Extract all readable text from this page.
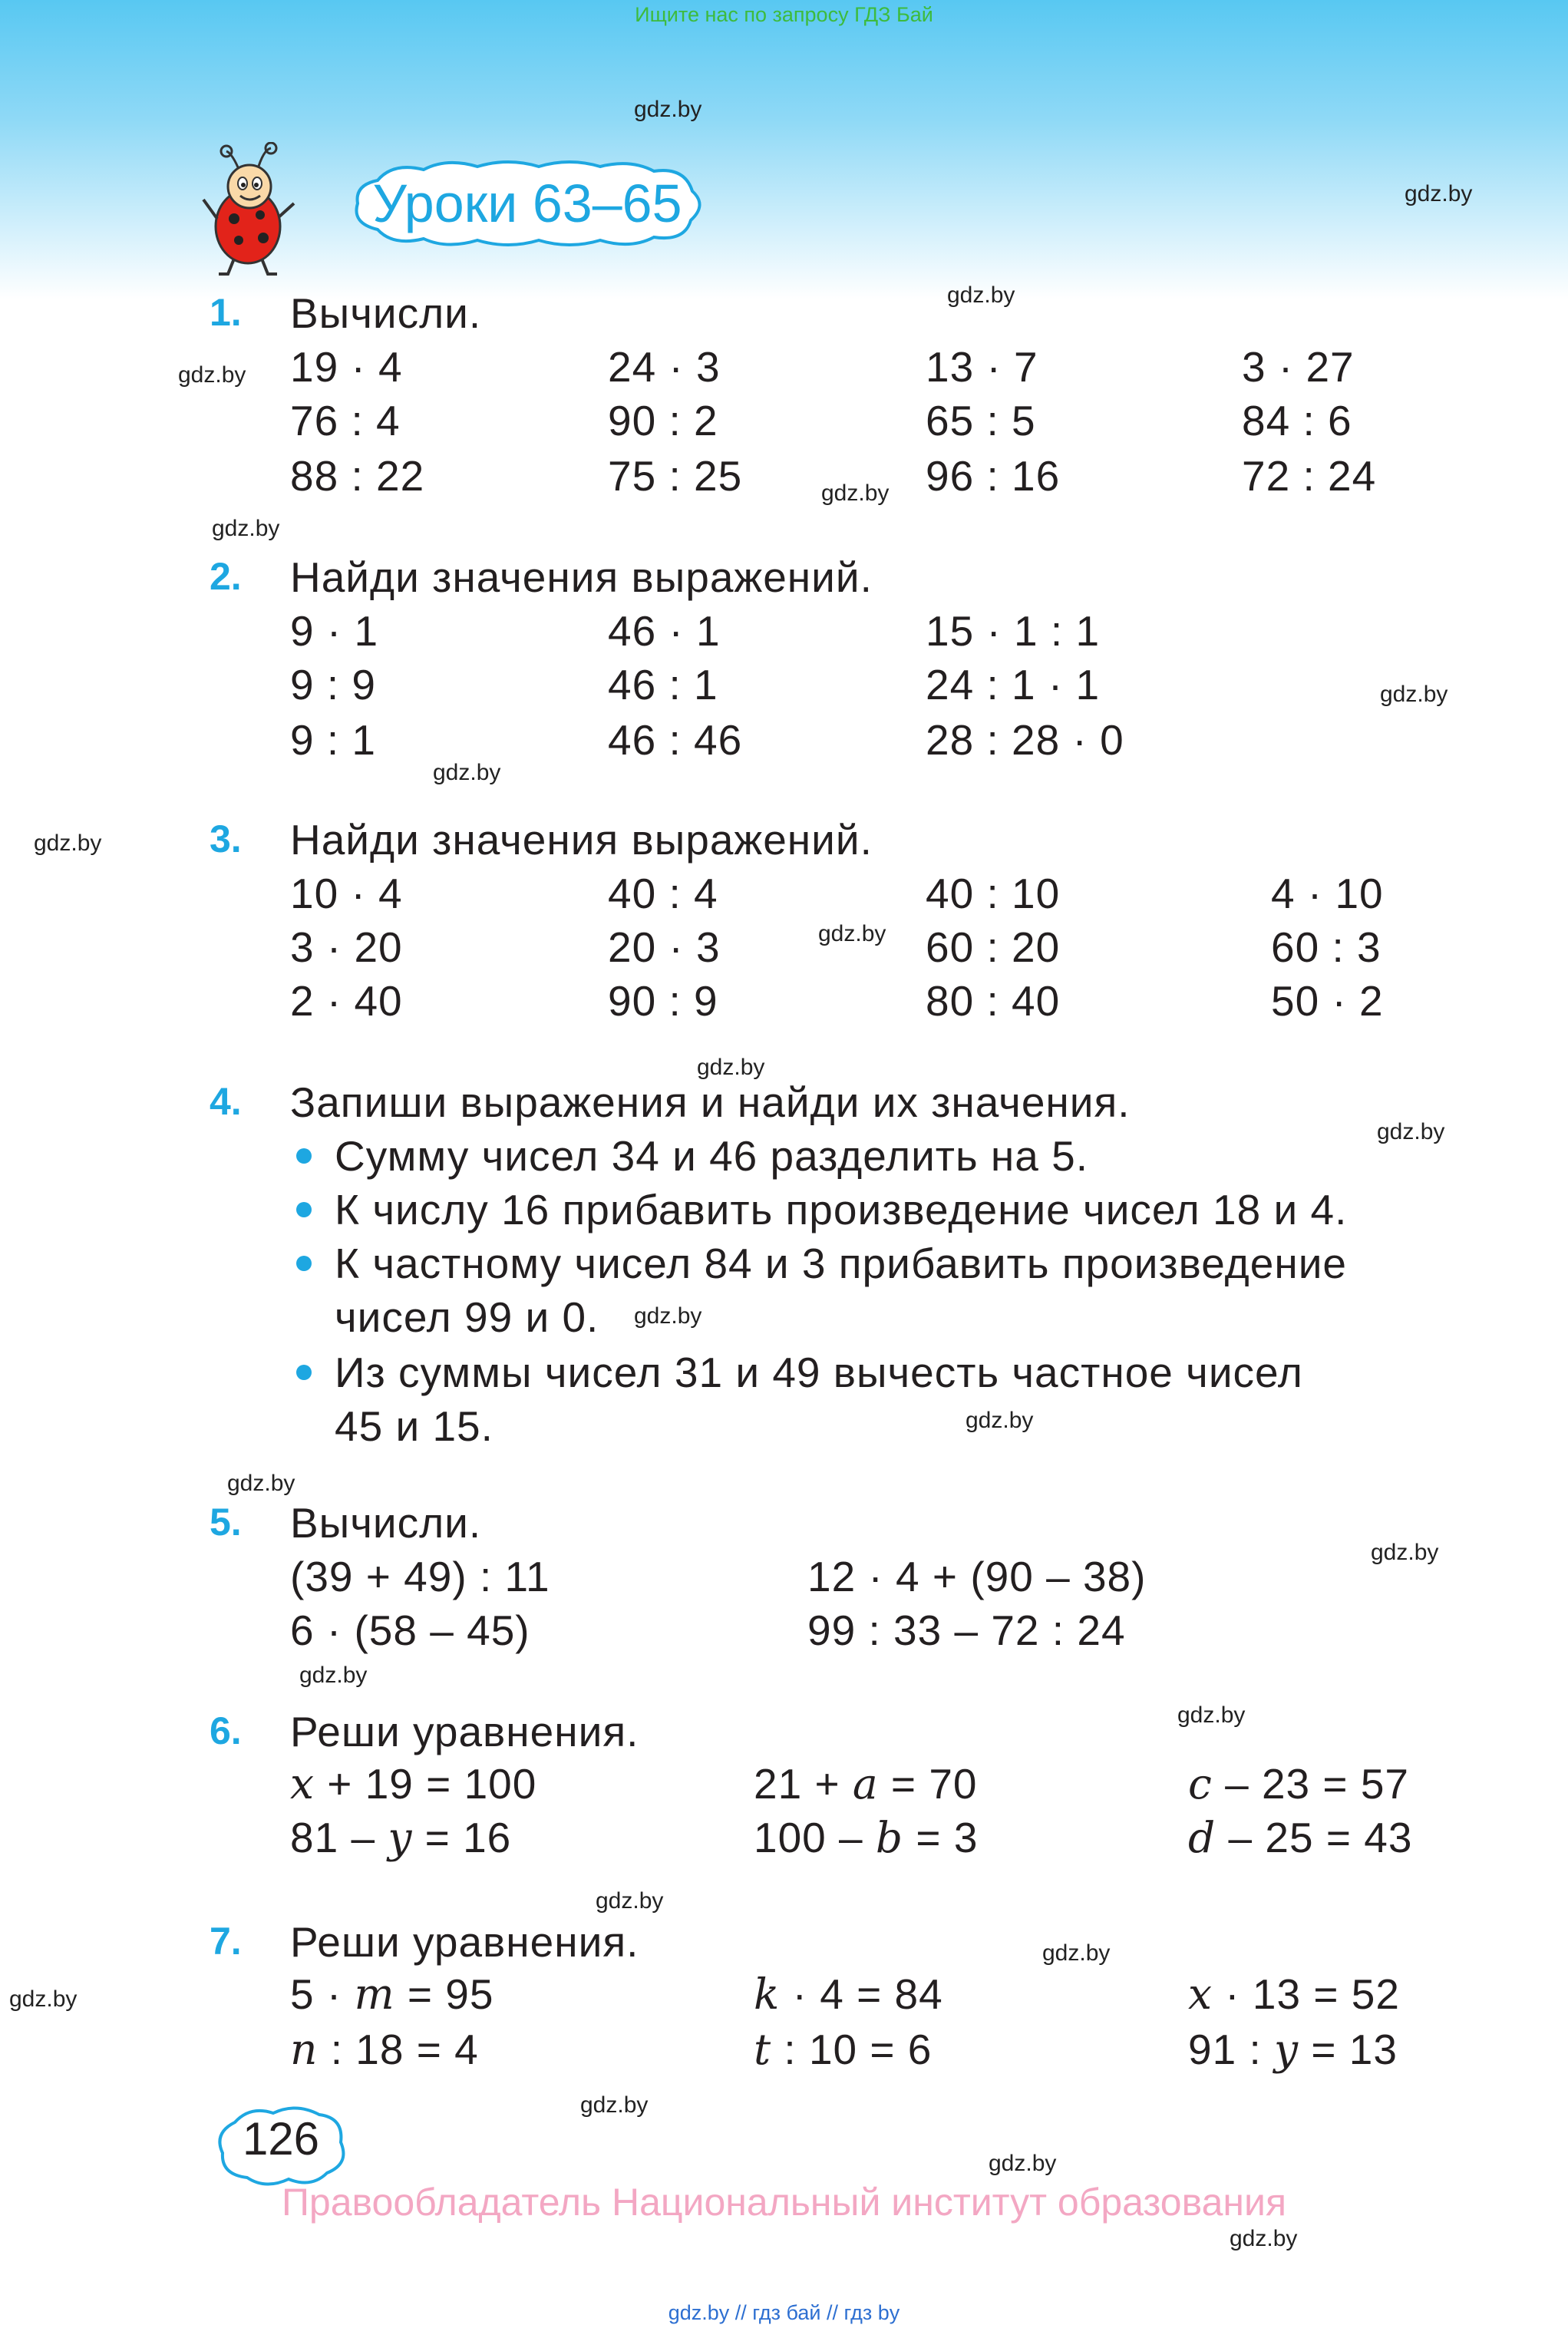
Ищите нас по запросу ГДЗ Бай
Уроки 63–65
1. Вычисли.
19 · 4	24 · 3	13 · 7	3 · 27
76 : 4	90 : 2	65 : 5	84 : 6
88 : 22	75 : 25	96 : 16	72 : 24
2. Найди значения выражений.
9 · 1	46 · 1	15 · 1 : 1
9 : 9	46 : 1	24 : 1 · 1
9 : 1	46 : 46	28 : 28 · 0
3. Найди значения выражений.
10 · 4	40 : 4	40 : 10	4 · 10
3 · 20	20 · 3	60 : 20	60 : 3
2 · 40	90 : 9	80 : 40	50 · 2
4. Запиши выражения и найди их значения.
Сумму чисел 34 и 46 разделить на 5.
К числу 16 прибавить произведение чисел 18 и 4.
К частному чисел 84 и 3 прибавить произведение
чисел 99 и 0.
Из суммы чисел 31 и 49 вычесть частное чисел
45 и 15.
5. Вычисли.
(39 + 49) : 11	12 · 4 + (90 – 38)
6 · (58 – 45)	99 : 33 – 72 : 24
6. Реши уравнения.
x + 19 = 100	21 + a = 70	c – 23 = 57
81 – y = 16	100 – b = 3	d – 25 = 43
7. Реши уравнения.
5 · m = 95	k · 4 = 84	x · 13 = 52
n : 18 = 4	t : 10 = 6	91 : y = 13
126
Правообладатель Национальный институт образования
gdz.by // гдз бай // гдз by
gdz.by
gdz.by
gdz.by
gdz.by
gdz.by
gdz.by
gdz.by
gdz.by
gdz.by
gdz.by
gdz.by
gdz.by
gdz.by
gdz.by
gdz.by
gdz.by
gdz.by
gdz.by
gdz.by
gdz.by
gdz.by
gdz.by
gdz.by
gdz.by
